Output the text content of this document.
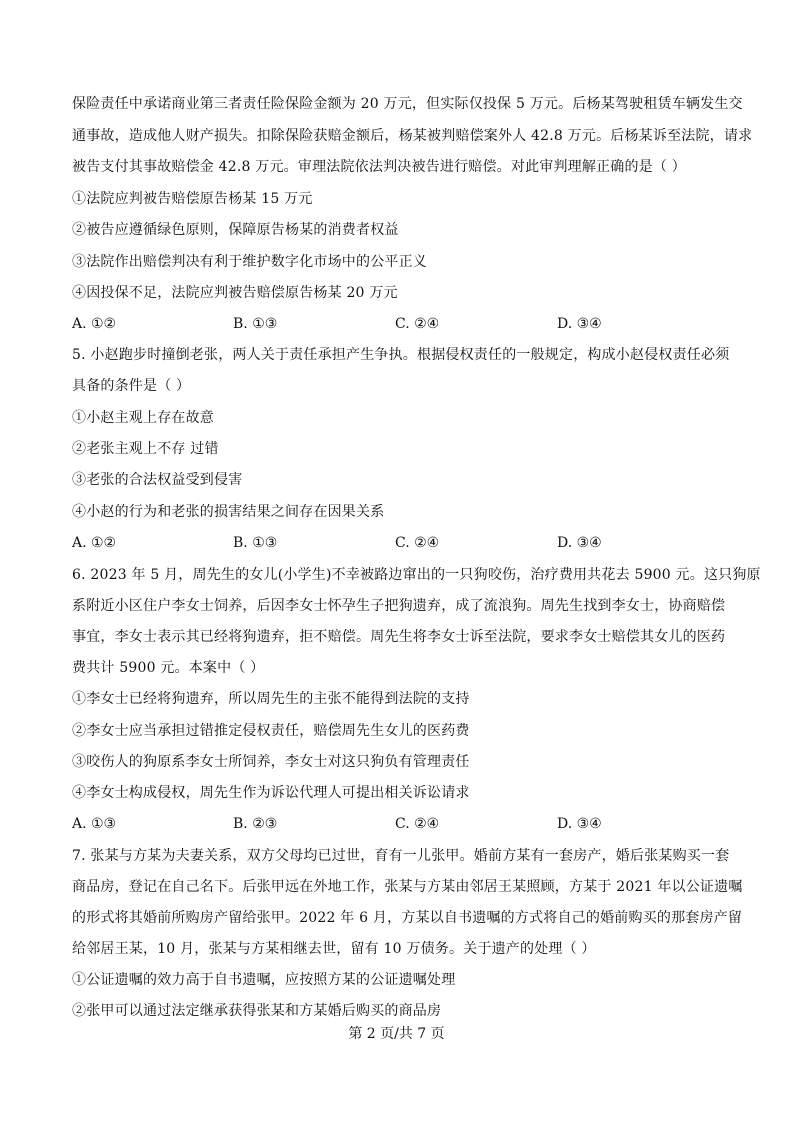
保险责任中承诺商业第三者责任险保险金额为 20 万元，但实际仅投保 5 万元。后杨某驾驶租赁车辆发生交
通事故，造成他人财产损失。扣除保险获赔金额后，杨某被判赔偿案外人 42.8 万元。后杨某诉至法院，请求
被告支付其事故赔偿金 42.8 万元。审理法院依法判决被告进行赔偿。对此审判理解正确的是（ ）
①法院应判被告赔偿原告杨某 15 万元
②被告应遵循绿色原则，保障原告杨某的消费者权益
③法院作出赔偿判决有利于维护数字化市场中的公平正义
④因投保不足，法院应判被告赔偿原告杨某 20 万元
A. ①②	B. ①③	C. ②④	D. ③④
5. 小赵跑步时撞倒老张，两人关于责任承担产生争执。根据侵权责任的一般规定，构成小赵侵权责任必须
具备的条件是（ ）
①小赵主观上存在故意
②老张主观上不存 过错
③老张的合法权益受到侵害
④小赵的行为和老张的损害结果之间存在因果关系
A. ①②	B. ①③	C. ②④	D. ③④
6. 2023 年 5 月，周先生的女儿(小学生)不幸被路边窜出的一只狗咬伤，治疗费用共花去 5900 元。这只狗原
系附近小区住户李女士饲养，后因李女士怀孕生子把狗遗弃，成了流浪狗。周先生找到李女士，协商赔偿
事宜，李女士表示其已经将狗遗弃，拒不赔偿。周先生将李女士诉至法院，要求李女士赔偿其女儿的医药
费共计 5900 元。本案中（ ）
①李女士已经将狗遗弃，所以周先生的主张不能得到法院的支持
②李女士应当承担过错推定侵权责任，赔偿周先生女儿的医药费
③咬伤人的狗原系李女士所饲养，李女士对这只狗负有管理责任
④李女士构成侵权，周先生作为诉讼代理人可提出相关诉讼请求
A. ①③	B. ②③	C. ②④	D. ③④
7. 张某与方某为夫妻关系，双方父母均已过世，育有一儿张甲。婚前方某有一套房产，婚后张某购买一套
商品房，登记在自己名下。后张甲远在外地工作，张某与方某由邻居王某照顾，方某于 2021 年以公证遗嘱
的形式将其婚前所购房产留给张甲。2022 年 6 月，方某以自书遗嘱的方式将自己的婚前购买的那套房产留
给邻居王某，10 月，张某与方某相继去世，留有 10 万债务。关于遗产的处理（ ）
①公证遗嘱的效力高于自书遗嘱，应按照方某的公证遗嘱处理
②张甲可以通过法定继承获得张某和方某婚后购买的商品房
第 2 页/共 7 页
